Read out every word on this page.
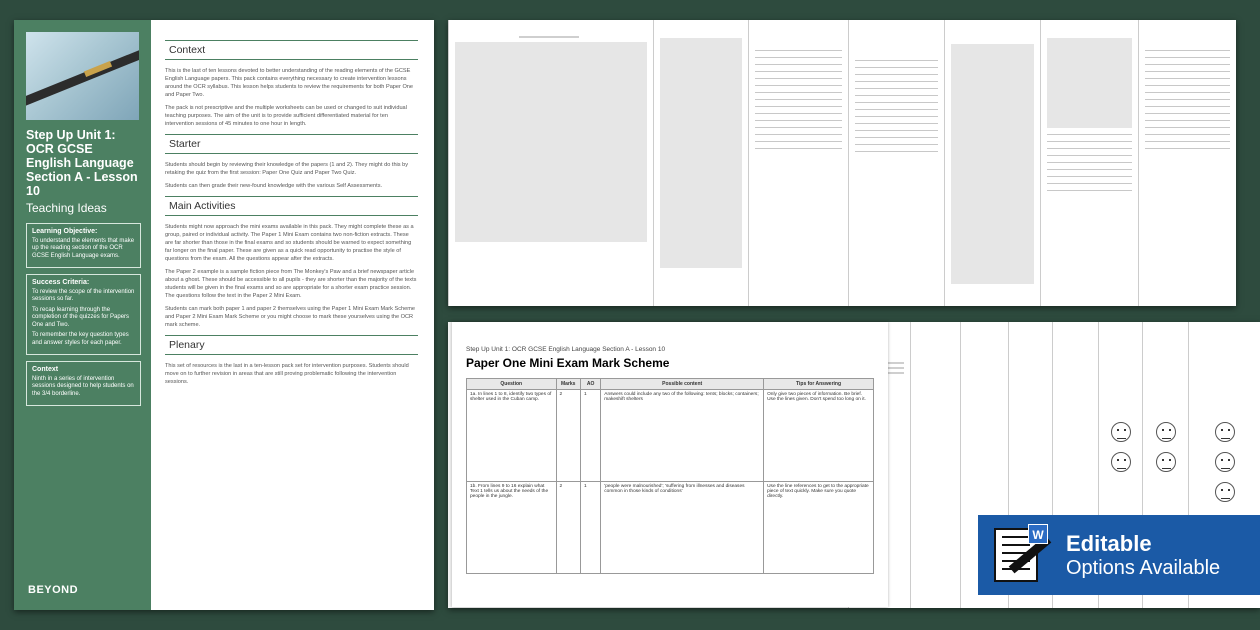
Step Up Unit 1: OCR GCSE English Language Section A - Lesson 10
Teaching Ideas
Learning Objective:

To understand the elements that make up the reading section of the OCR GCSE English Language exams.

Success Criteria:

To review the scope of the intervention sessions so far.

To recap learning through the completion of the quizzes for Papers One and Two.

To remember the key question types and answer styles for each paper.

Context

Ninth in a series of intervention sessions designed to help students on the 3/4 borderline.

BEYOND
Context

This is the last of ten lessons devoted to better understanding of the reading elements of the GCSE English Language papers. This pack contains everything necessary to create intervention lessons around the OCR syllabus. This lesson helps students to review the requirements for both Paper One and Paper Two.

The pack is not prescriptive and the multiple worksheets can be used or changed to suit individual teaching purposes. The aim of the unit is to provide sufficient differentiated material for ten intervention sessions of 45 minutes to one hour in length.

Starter

Students should begin by reviewing their knowledge of the papers (1 and 2). They might do this by retaking the quiz from the first session: Paper One Quiz and Paper Two Quiz.

Students can then grade their new-found knowledge with the various Self Assessments.

Main Activities

Students might now approach the mini exams available in this pack. They might complete these as a group, paired or individual activity. The Paper 1 Mini Exam contains two non-fiction extracts. These are far shorter than those in the final exams and so students should be warned to expect something far longer on the final paper. These are given as a quick read opportunity to practise the style of questions from the exam. All the questions appear after the extracts.

The Paper 2 example is a sample fiction piece from The Monkey's Paw and a brief newspaper article about a ghost. These should be accessible to all pupils - they are shorter than the majority of the texts students will be given in the final exams and so are appropriate for a shorter exam practice session. The questions follow the text in the Paper 2 Mini Exam.

Students can mark both paper 1 and paper 2 themselves using the Paper 1 Mini Exam Mark Scheme and Paper 2 Mini Exam Mark Scheme or you might choose to mark these yourselves using the OCR mark scheme.

Plenary

This set of resources is the last in a ten-lesson pack set for intervention purposes. Students should move on to further revision in areas that are still proving problematic following the intervention sessions.

Step Up Unit 1: OCR GCSE English Language Section A - Lesson 10
Paper One Mini Exam Mark Scheme
Question	Marks	AO	Possible content	Tips for Answering
1a. In lines 1 to 8, identify two types of shelter used in the Cuban camp.	2	1	Answers could include any two of the following: tents; blocks; containers; makeshift shelters	Only give two pieces of information. Be brief. Use the lines given. Don't spend too long on it.
1b. From lines 9 to 16 explain what Text 1 tells us about the needs of the people in the jungle.	2	1	'people were malnourished'; 'suffering from illnesses and diseases common in those kinds of conditions'	Use the line references to get to the appropriate piece of text quickly. Make sure you quote directly.
W Editable
Options Available
